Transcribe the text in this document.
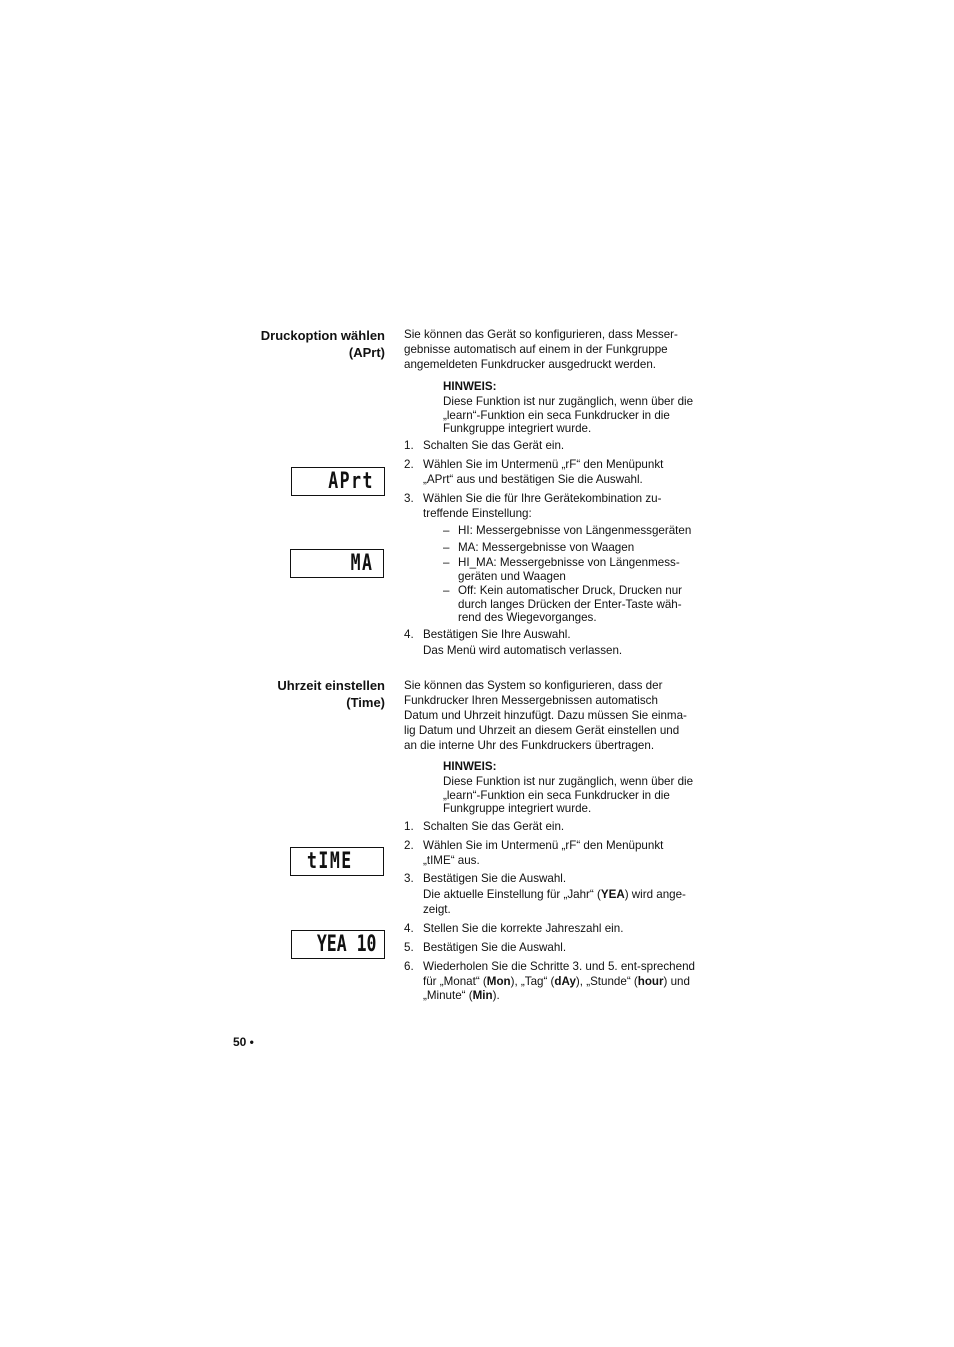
Druckoption wählen
(APrt)
Sie können das Gerät so konfigurieren, dass Messer-gebnisse automatisch auf einem in der Funkgruppe angemeldeten Funkdrucker ausgedruckt werden.
HINWEIS:
Diese Funktion ist nur zugänglich, wenn über die „learn“-Funktion ein seca Funkdrucker in die Funkgruppe integriert wurde.
1. Schalten Sie das Gerät ein.
2. Wählen Sie im Untermenü „rF“ den Menüpunkt „APrt“ aus und bestätigen Sie die Auswahl.
3. Wählen Sie die für Ihre Gerätekombination zu-treffende Einstellung:
– HI: Messergebnisse von Längenmessgeräten
– MA: Messergebnisse von Waagen
– HI_MA: Messergebnisse von Längenmess-geräten und Waagen
– Off: Kein automatischer Druck, Drucken nur durch langes Drücken der Enter-Taste wäh-rend des Wiegevorganges.
4. Bestätigen Sie Ihre Auswahl.
Das Menü wird automatisch verlassen.
APrt
MA
Uhrzeit einstellen
(Time)
Sie können das System so konfigurieren, dass der Funkdrucker Ihren Messergebnissen automatisch Datum und Uhrzeit hinzufügt. Dazu müssen Sie einma-lig Datum und Uhrzeit an diesem Gerät einstellen und an die interne Uhr des Funkdruckers übertragen.
HINWEIS:
Diese Funktion ist nur zugänglich, wenn über die „learn“-Funktion ein seca Funkdrucker in die Funkgruppe integriert wurde.
1. Schalten Sie das Gerät ein.
2. Wählen Sie im Untermenü „rF“ den Menüpunkt „tIME“ aus.
3. Bestätigen Sie die Auswahl.
Die aktuelle Einstellung für „Jahr“ (YEA) wird ange-zeigt.
4. Stellen Sie die korrekte Jahreszahl ein.
5. Bestätigen Sie die Auswahl.
6. Wiederholen Sie die Schritte 3. und 5. ent-sprechend für „Monat“ (Mon), „Tag“ (dAy), „Stunde“ (hour) und „Minute“ (Min).
tIME
YEA 10
50 •
